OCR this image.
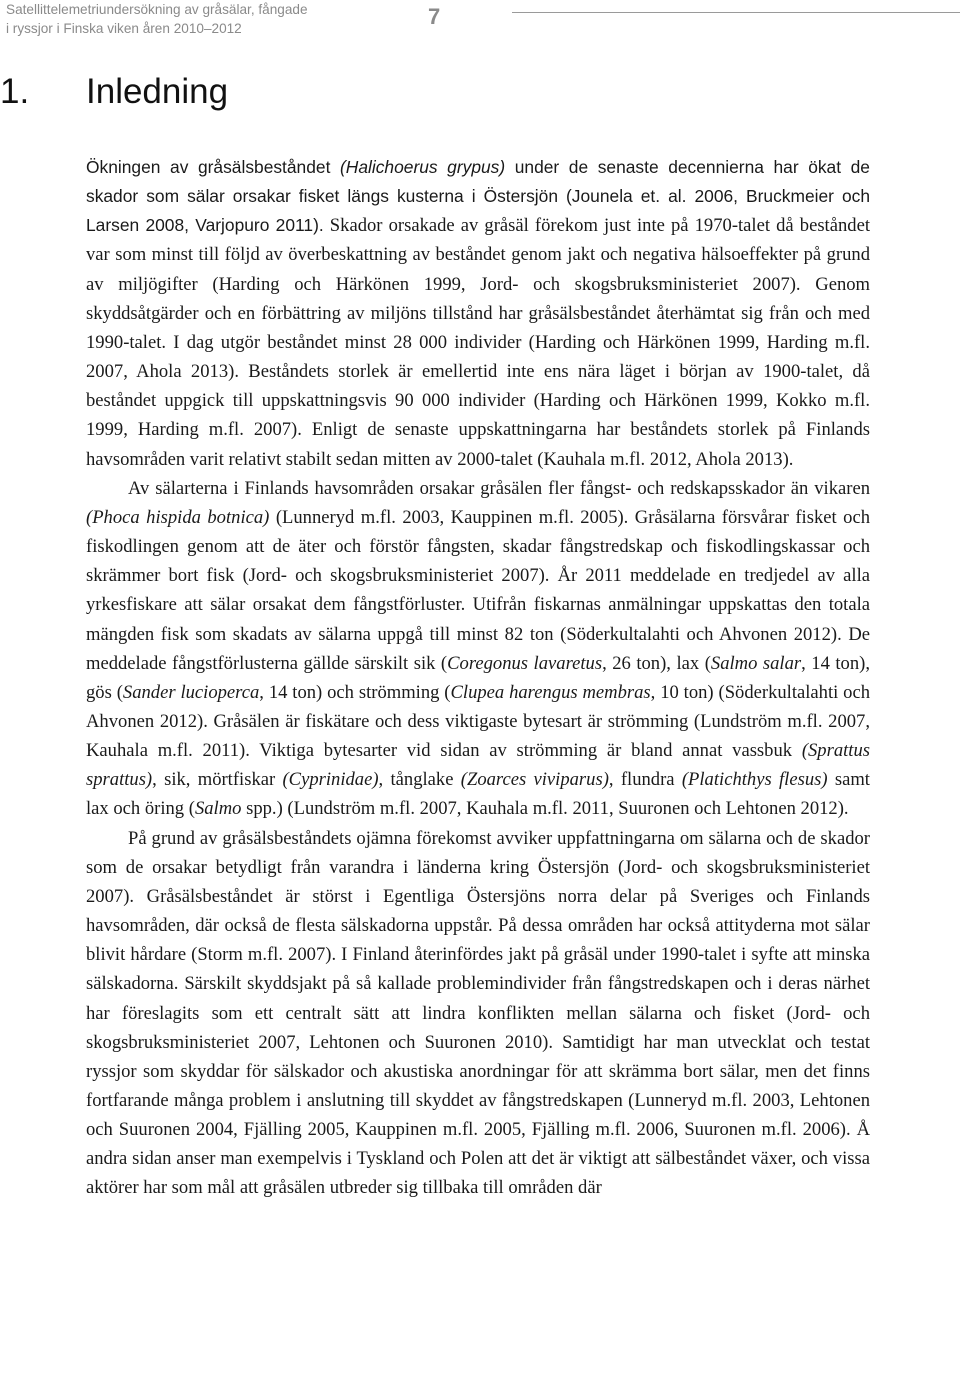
Satellittelemetriundersökning av gråsälar, fångade
i ryssjor i Finska viken åren 2010–2012	7
1. Inledning

Ökningen av gråsälsbeståndet (Halichoerus grypus) under de senaste decennierna har ökat de skador som sälar orsakar fisket längs kusterna i Östersjön (Jounela et. al. 2006, Bruckmeier och Larsen 2008, Varjopuro 2011). Skador orsakade av gråsäl förekom just inte på 1970-talet då beståndet var som minst till följd av överbeskattning av beståndet genom jakt och negativa hälsoeffekter på grund av miljögifter (Harding och Härkönen 1999, Jord- och skogsbruksministeriet 2007). Genom skyddsåtgärder och en förbättring av miljöns tillstånd har gråsälsbeståndet återhämtat sig från och med 1990-talet. I dag utgör beståndet minst 28 000 individer (Harding och Härkönen 1999, Harding m.fl. 2007, Ahola 2013). Beståndets storlek är emellertid inte ens nära läget i början av 1900-talet, då beståndet uppgick till uppskattningsvis 90 000 individer (Harding och Härkönen 1999, Kokko m.fl. 1999, Harding m.fl. 2007). Enligt de senaste uppskattningarna har beståndets storlek på Finlands havsområden varit relativt stabilt sedan mitten av 2000-talet (Kauhala m.fl. 2012, Ahola 2013).

Av sälarterna i Finlands havsområden orsakar gråsälen fler fångst- och redskapsskador än vikaren (Phoca hispida botnica) (Lunneryd m.fl. 2003, Kauppinen m.fl. 2005). Gråsälarna försvårar fisket och fiskodlingen genom att de äter och förstör fångsten, skadar fångstredskap och fiskodlingskassar och skrämmer bort fisk (Jord- och skogsbruksministeriet 2007). År 2011 meddelade en tredjedel av alla yrkesfiskare att sälar orsakat dem fångstförluster. Utifrån fiskarnas anmälningar uppskattas den totala mängden fisk som skadats av sälarna uppgå till minst 82 ton (Söderkultalahti och Ahvonen 2012). De meddelade fångstförlusterna gällde särskilt sik (Coregonus lavaretus, 26 ton), lax (Salmo salar, 14 ton), gös (Sander lucioperca, 14 ton) och strömming (Clupea harengus membras, 10 ton) (Söderkultalahti och Ahvonen 2012). Gråsälen är fiskätare och dess viktigaste bytesart är strömming (Lundström m.fl. 2007, Kauhala m.fl. 2011). Viktiga bytesarter vid sidan av strömming är bland annat vassbuk (Sprattus sprattus), sik, mörtfiskar (Cyprinidae), tånglake (Zoarces viviparus), flundra (Platichthys flesus) samt lax och öring (Salmo spp.) (Lundström m.fl. 2007, Kauhala m.fl. 2011, Suuronen och Lehtonen 2012).

På grund av gråsälsbeståndets ojämna förekomst avviker uppfattningarna om sälarna och de skador som de orsakar betydligt från varandra i länderna kring Östersjön (Jord- och skogsbruksministeriet 2007). Gråsälsbeståndet är störst i Egentliga Östersjöns norra delar på Sveriges och Finlands havsområden, där också de flesta sälskadorna uppstår. På dessa områden har också attityderna mot sälar blivit hårdare (Storm m.fl. 2007). I Finland återinfördes jakt på gråsäl under 1990-talet i syfte att minska sälskadorna. Särskilt skyddsjakt på så kallade problemindivider från fångstredskapen och i deras närhet har föreslagits som ett centralt sätt att lindra konflikten mellan sälarna och fisket (Jord- och skogsbruksministeriet 2007, Lehtonen och Suuronen 2010). Samtidigt har man utvecklat och testat ryssjor som skyddar för sälskador och akustiska anordningar för att skrämma bort sälar, men det finns fortfarande många problem i anslutning till skyddet av fångstredskapen (Lunneryd m.fl. 2003, Lehtonen och Suuronen 2004, Fjälling 2005, Kauppinen m.fl. 2005, Fjälling m.fl. 2006, Suuronen m.fl. 2006). Å andra sidan anser man exempelvis i Tyskland och Polen att det är viktigt att sälbeståndet växer, och vissa aktörer har som mål att gråsälen utbreder sig tillbaka till områden där
